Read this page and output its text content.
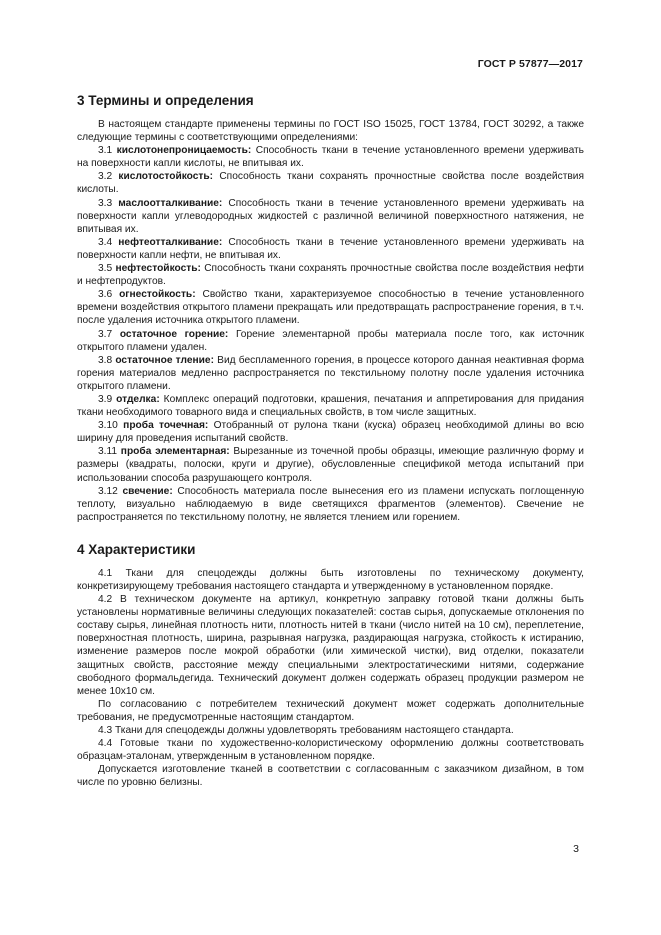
ГОСТ Р 57877—2017
3 Термины и определения

В настоящем стандарте применены термины по ГОСТ ISO 15025, ГОСТ 13784, ГОСТ 30292, а также следующие термины с соответствующими определениями:

3.1 кислотонепроницаемость: Способность ткани в течение установленного времени удерживать на поверхности капли кислоты, не впитывая их.

3.2 кислотостойкость: Способность ткани сохранять прочностные свойства после воздействия кислоты.

3.3 маслоотталкивание: Способность ткани в течение установленного времени удерживать на поверхности капли углеводородных жидкостей с различной величиной поверхностного натяжения, не впитывая их.

3.4 нефтеотталкивание: Способность ткани в течение установленного времени удерживать на поверхности капли нефти, не впитывая их.

3.5 нефтестойкость: Способность ткани сохранять прочностные свойства после воздействия нефти и нефтепродуктов.

3.6 огнестойкость: Свойство ткани, характеризуемое способностью в течение установленного времени воздействия открытого пламени прекращать или предотвращать распространение горения, в т.ч. после удаления источника открытого пламени.

3.7 остаточное горение: Горение элементарной пробы материала после того, как источник открытого пламени удален.

3.8 остаточное тление: Вид беспламенного горения, в процессе которого данная неактивная форма горения материалов медленно распространяется по текстильному полотну после удаления источника открытого пламени.

3.9 отделка: Комплекс операций подготовки, крашения, печатания и аппретирования для придания ткани необходимого товарного вида и специальных свойств, в том числе защитных.

3.10 проба точечная: Отобранный от рулона ткани (куска) образец необходимой длины во всю ширину для проведения испытаний свойств.

3.11 проба элементарная: Вырезанные из точечной пробы образцы, имеющие различную форму и размеры (квадраты, полоски, круги и другие), обусловленные спецификой метода испытаний при использовании способа разрушающего контроля.

3.12 свечение: Способность материала после вынесения его из пламени испускать поглощенную теплоту, визуально наблюдаемую в виде светящихся фрагментов (элементов). Свечение не распространяется по текстильному полотну, не является тлением или горением.

4 Характеристики

4.1 Ткани для спецодежды должны быть изготовлены по техническому документу, конкретизирующему требования настоящего стандарта и утвержденному в установленном порядке.

4.2 В техническом документе на артикул, конкретную заправку готовой ткани должны быть установлены нормативные величины следующих показателей: состав сырья, допускаемые отклонения по составу сырья, линейная плотность нити, плотность нитей в ткани (число нитей на 10 см), переплетение, поверхностная плотность, ширина, разрывная нагрузка, раздирающая нагрузка, стойкость к истиранию, изменение размеров после мокрой обработки (или химической чистки), вид отделки, показатели защитных свойств, расстояние между специальными электростатическими нитями, содержание свободного формальдегида. Технический документ должен содержать образец продукции размером не менее 10х10 см.

По согласованию с потребителем технический документ может содержать дополнительные требования, не предусмотренные настоящим стандартом.

4.3 Ткани для спецодежды должны удовлетворять требованиям настоящего стандарта.

4.4 Готовые ткани по художественно-колористическому оформлению должны соответствовать образцам-эталонам, утвержденным в установленном порядке.

Допускается изготовление тканей в соответствии с согласованным с заказчиком дизайном, в том числе по уровню белизны.

3
